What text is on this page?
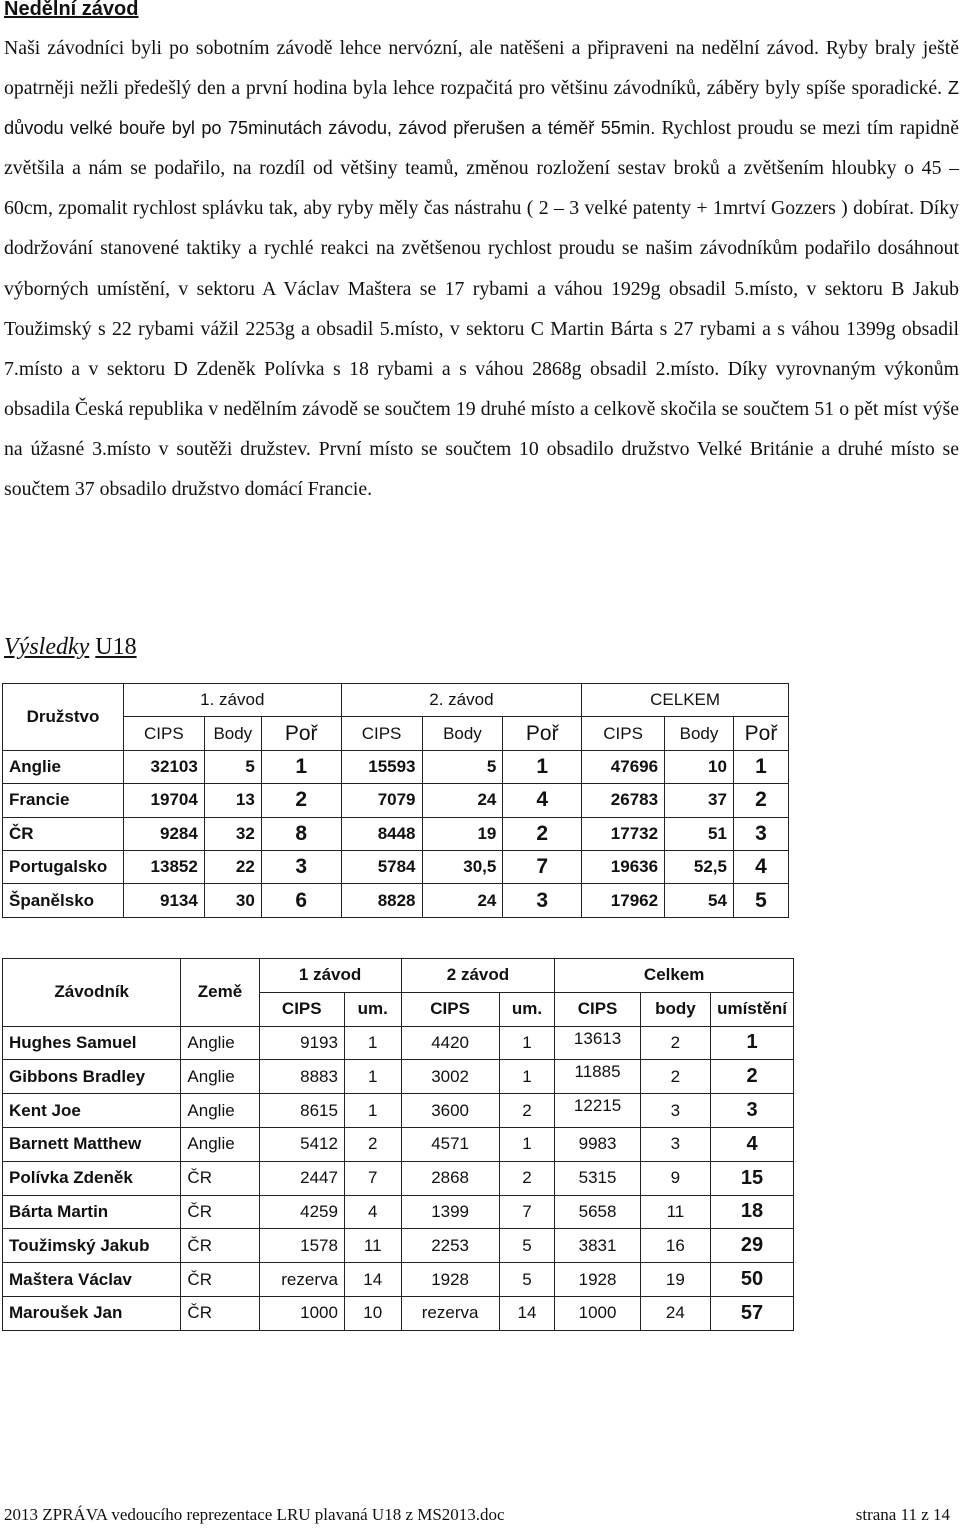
Nedělní závod

Naši závodníci byli po sobotním závodě lehce nervózní, ale natěšeni a připraveni na nedělní závod. Ryby braly ještě opatrněji nežli předešlý den a první hodina byla lehce rozpačitá pro většinu závodníků, záběry byly spíše sporadické. Z důvodu velké bouře byl po 75minutách závodu, závod přerušen a téměř 55min. Rychlost proudu se mezi tím rapidně zvětšila a nám se podařilo, na rozdíl od většiny teamů, změnou rozložení sestav broků a zvětšením hloubky o 45 – 60cm, zpomalit rychlost splávku tak, aby ryby měly čas nástrahu ( 2 – 3 velké patenty + 1mrtví Gozzers ) dobírat. Díky dodržování stanovené taktiky a rychlé reakci na zvětšenou rychlost proudu se našim závodníkům podařilo dosáhnout výborných umístění, v sektoru A Václav Maštera se 17 rybami a váhou 1929g obsadil 5.místo, v sektoru B Jakub Toužimský s 22 rybami vážil 2253g a obsadil 5.místo, v sektoru C Martin Bárta s 27 rybami a s váhou 1399g obsadil 7.místo a v sektoru D Zdeněk Polívka s 18 rybami a s váhou 2868g obsadil 2.místo. Díky vyrovnaným výkonům obsadila Česká republika v nedělním závodě se součtem 19 druhé místo a celkově skočila se součtem 51 o pět míst výše na úžasné 3.místo v soutěži družstev. První místo se součtem 10 obsadilo družstvo Velké Británie a druhé místo se součtem 37 obsadilo družstvo domácí Francie.

Výsledky U18
Družstvo	1. závod			2. závod			CELKEM		
	CIPS	Body	Poř	CIPS	Body	Poř	CIPS	Body	Poř
Anglie	32103	5	1	15593	5	1	47696	10	1
Francie	19704	13	2	7079	24	4	26783	37	2
ČR	9284	32	8	8448	19	2	17732	51	3
Portugalsko	13852	22	3	5784	30,5	7	19636	52,5	4
Španělsko	9134	30	6	8828	24	3	17962	54	5
Závodník	Země	1 závod		2 závod		Celkem		
		CIPS	um.	CIPS	um.	CIPS	body	umístění
Hughes Samuel	Anglie	9193	1	4420	1	13613	2	1
Gibbons Bradley	Anglie	8883	1	3002	1	11885	2	2
Kent Joe	Anglie	8615	1	3600	2	12215	3	3
Barnett Matthew	Anglie	5412	2	4571	1	9983	3	4
Polívka Zdeněk	ČR	2447	7	2868	2	5315	9	15
Bárta Martin	ČR	4259	4	1399	7	5658	11	18
Toužimský Jakub	ČR	1578	11	2253	5	3831	16	29
Maštera Václav	ČR	rezerva	14	1928	5	1928	19	50
Maroušek Jan	ČR	1000	10	rezerva	14	1000	24	57
2013 ZPRÁVA vedoucího reprezentace LRU plavaná U18 z MS2013.doc	strana 11 z 14
